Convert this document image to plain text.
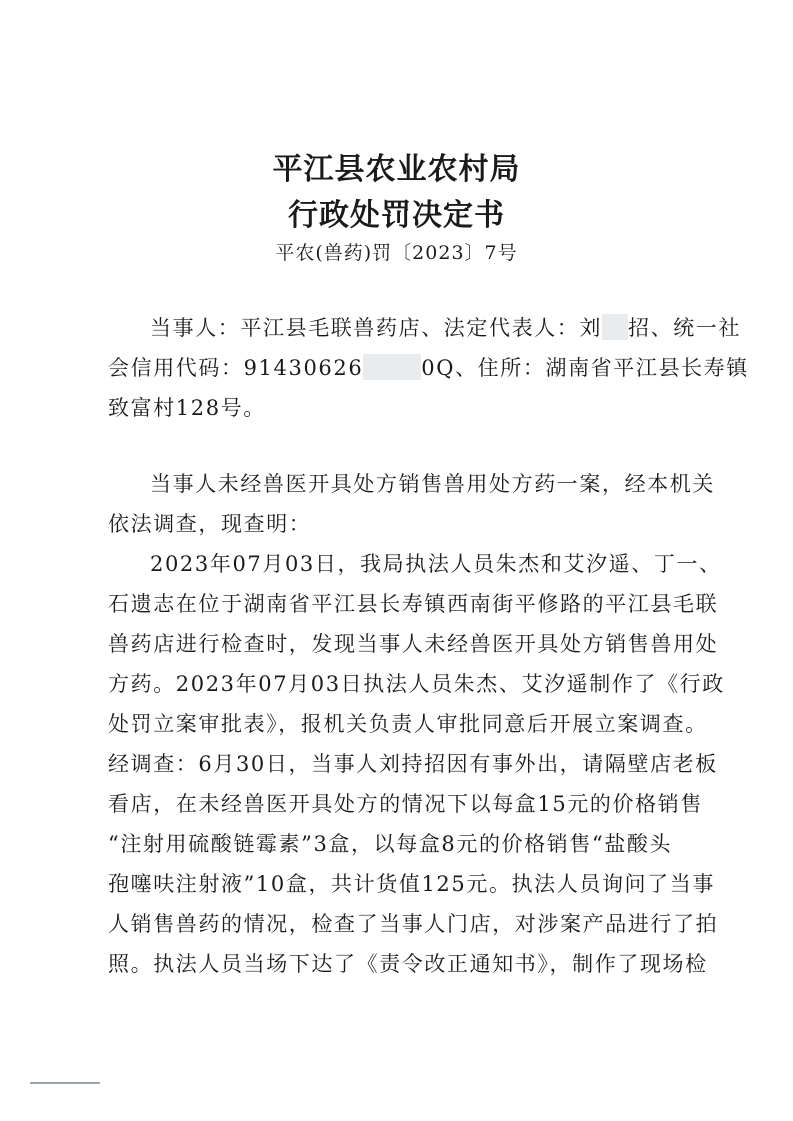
平江县农业农村局
行政处罚决定书
平农(兽药)罚〔2023〕7号
当事人：平江县毛联兽药店、法定代表人：刘 招、统一社
会信用代码：91430626	0Q、住所：湖南省平江县长寿镇
致富村128号。
当事人未经兽医开具处方销售兽用处方药一案，经本机关
依法调查，现查明：
2023年07月03日，我局执法人员朱杰和艾汐遥、丁一、
石遗志在位于湖南省平江县长寿镇西南街平修路的平江县毛联
兽药店进行检查时，发现当事人未经兽医开具处方销售兽用处
方药。2023年07月03日执法人员朱杰、艾汐遥制作了《行政
处罚立案审批表》，报机关负责人审批同意后开展立案调查。
经调查：6月30日，当事人刘持招因有事外出，请隔壁店老板
看店，在未经兽医开具处方的情况下以每盒15元的价格销售
“注射用硫酸链霉素”3盒，以每盒8元的价格销售“盐酸头
孢噻呋注射液”10盒，共计货值125元。执法人员询问了当事
人销售兽药的情况，检查了当事人门店，对涉案产品进行了拍
照。执法人员当场下达了《责令改正通知书》，制作了现场检
